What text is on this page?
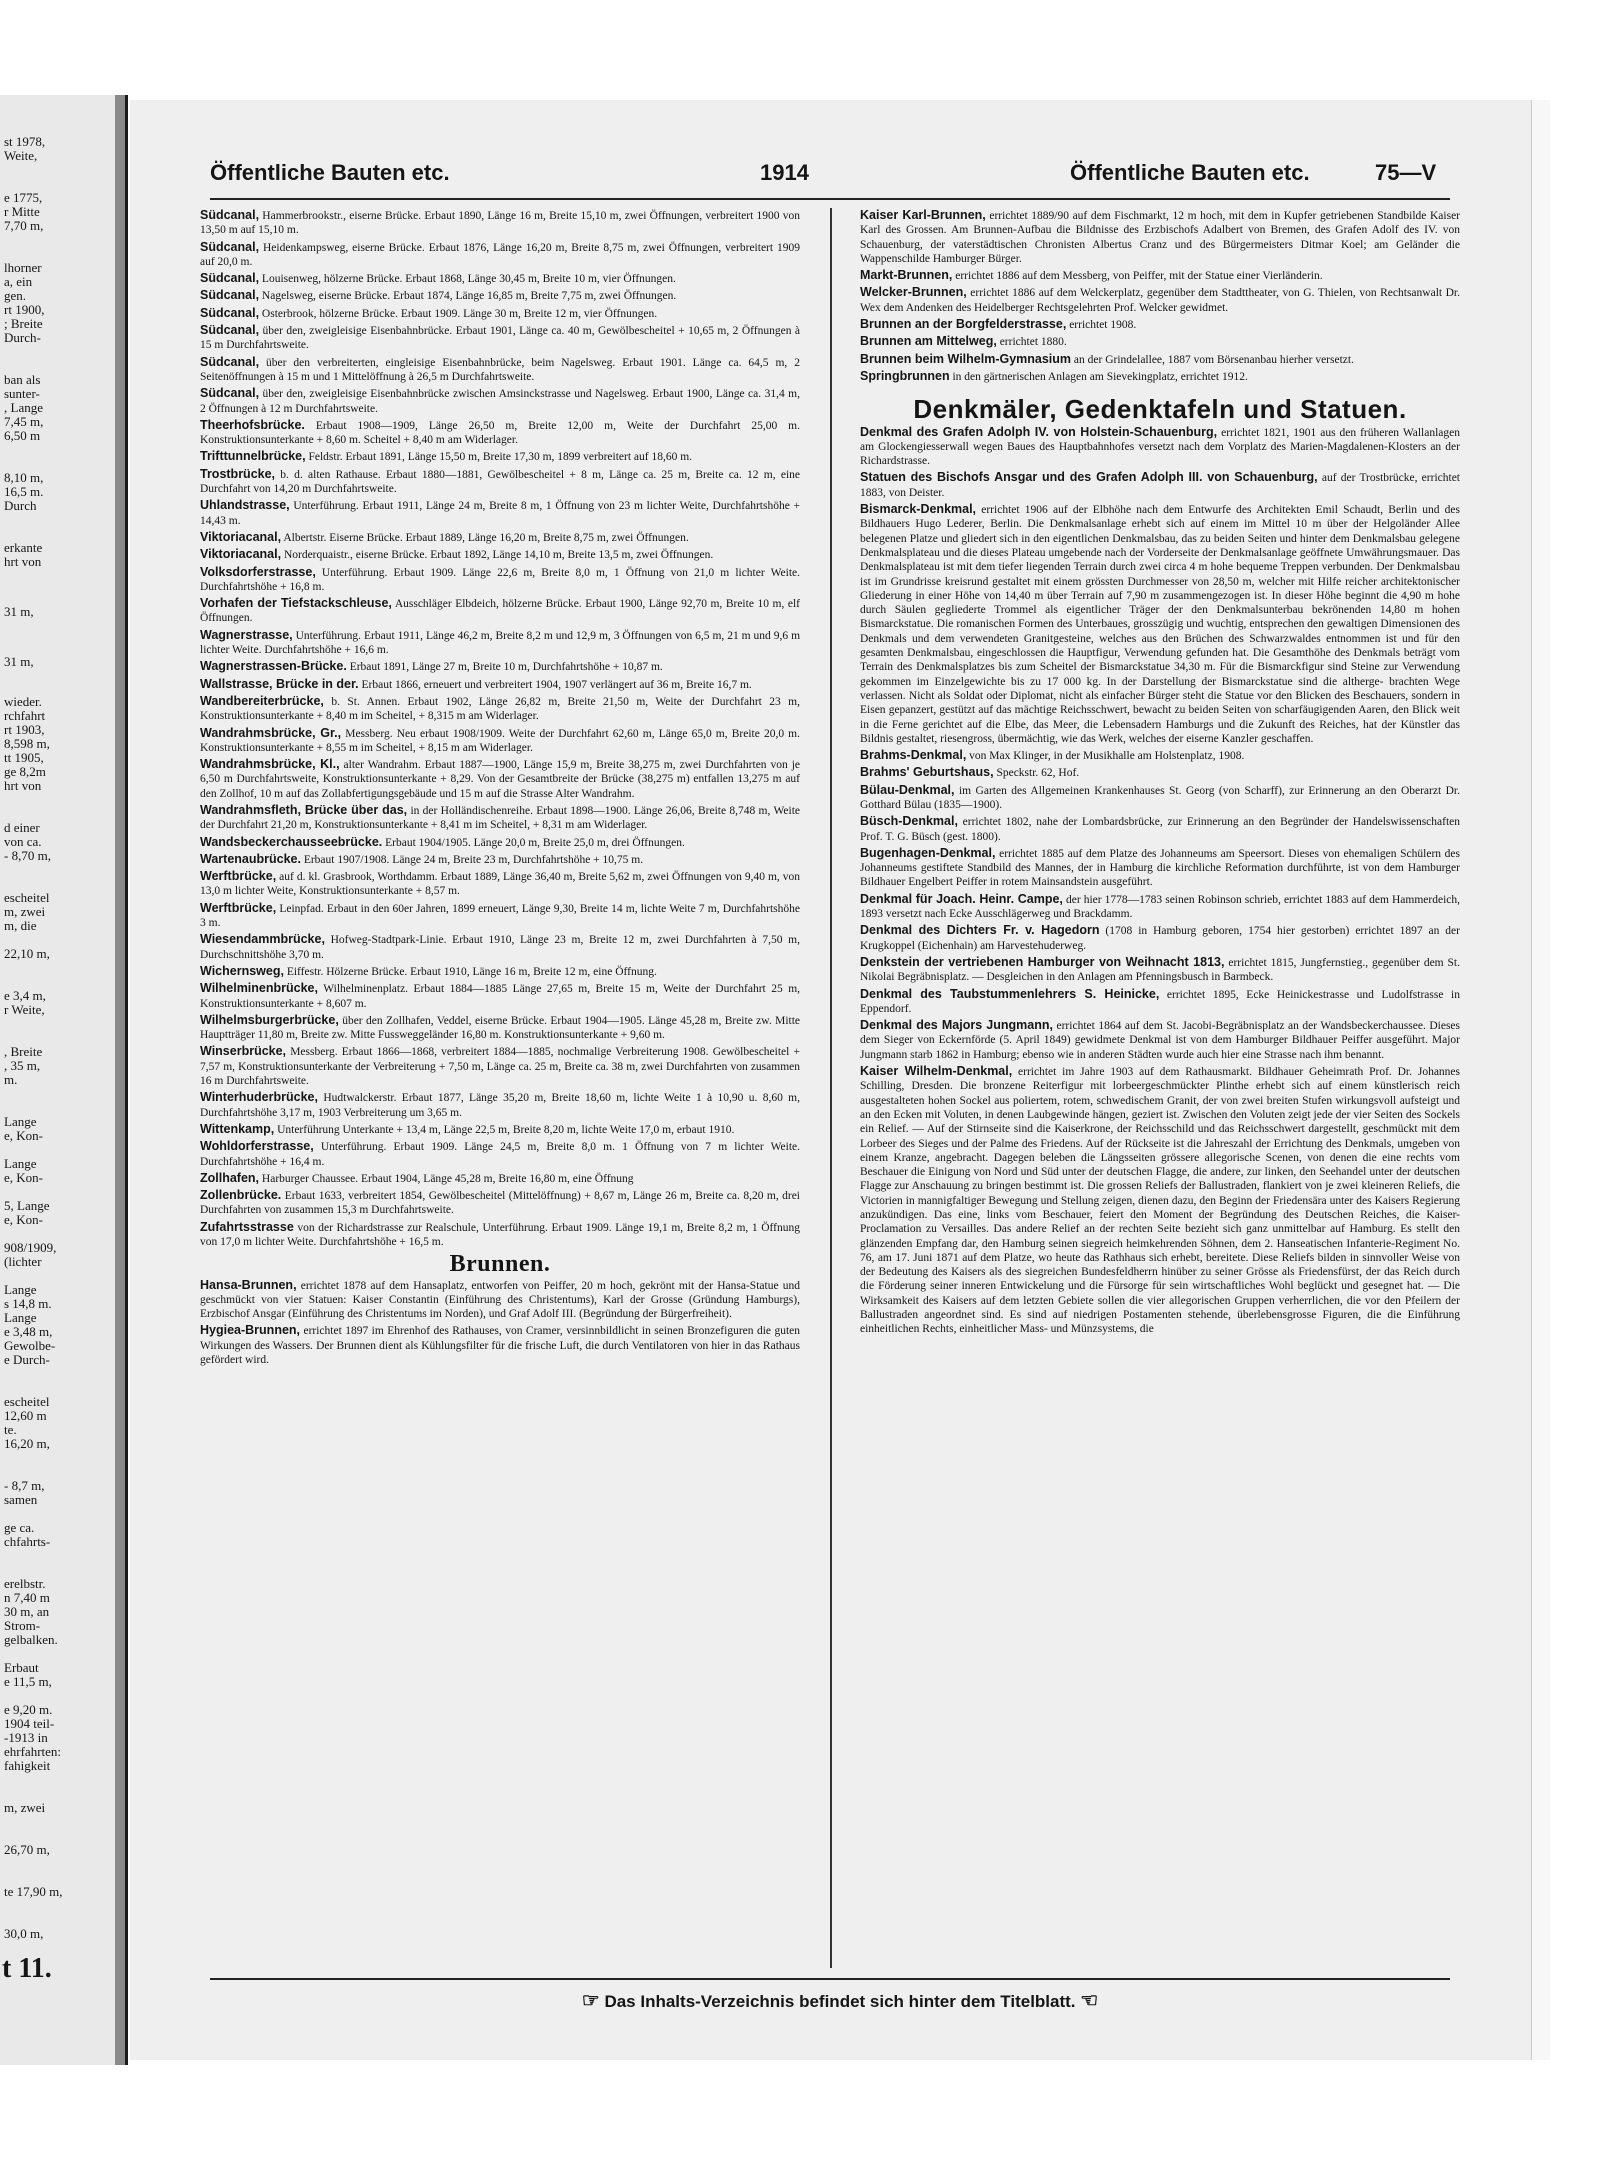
st 1978,
Weite,
e 1775,
r Mitte
7,70 m,
lhorner
a, ein
gen.
rt 1900,
; Breite
Durch-
ban als
sunter-
, Lange
7,45 m,
6,50 m
8,10 m,
16,5 m.
Durch
erkante
hrt von
31 m,
31 m,
wieder.
rchfahrt
rt 1903,
8,598 m,
tt 1905,
ge 8,2m
hrt von
d einer
von ca.
- 8,70 m,
escheitel
m, zwei
m, die
22,10 m,
e 3,4 m,
r Weite,
, Breite
, 35 m,
m.
Lange
e, Kon-
Lange
e, Kon-
5, Lange
e, Kon-
908/1909,
(lichter
Lange
s 14,8 m.
Lange
e 3,48 m,
Gewolbe-
e Durch-
escheitel
12,60 m
te.
16,20 m,
- 8,7 m,
samen
ge ca.
chfahrts-
erelbstr.
n 7,40 m
30 m, an
Strom-
gelbalken.
Erbaut
e 11,5 m,
e 9,20 m.
1904 teil-
-1913 in
ehrfahrten:
fahigkeit
m, zwei
26,70 m,
te 17,90 m,
30,0 m,
t 11.
Öffentliche Bauten etc.	1914	Öffentliche Bauten etc.	75—V
Südcanal, Hammerbrookstr., eiserne Brücke. Erbaut 1890, Länge 16 m, Breite 15,10 m, zwei Öffnungen, verbreitert 1900 von 13,50 m auf 15,10 m.
Südcanal, Heidenkampsweg, eiserne Brücke. Erbaut 1876, Länge 16,20 m, Breite 8,75 m, zwei Öffnungen, verbreitert 1909 auf 20,0 m.
Südcanal, Louisenweg, hölzerne Brücke. Erbaut 1868, Länge 30,45 m, Breite 10 m, vier Öffnungen.
Südcanal, Nagelsweg, eiserne Brücke. Erbaut 1874, Länge 16,85 m, Breite 7,75 m, zwei Öffnungen.
Südcanal, Osterbrook, hölzerne Brücke. Erbaut 1909. Länge 30 m, Breite 12 m, vier Öffnungen.
Südcanal, über den, zweigleisige Eisenbahnbrücke. Erbaut 1901, Länge ca. 40 m, Gewölbescheitel + 10,65 m, 2 Öffnungen à 15 m Durchfahrtsweite.
Südcanal, über den verbreiterten, eingleisige Eisenbahnbrücke, beim Nagelsweg. Erbaut 1901. Länge ca. 64,5 m, 2 Seitenöffnungen à 15 m und 1 Mittelöffnung à 26,5 m Durchfahrtsweite.
Südcanal, über den, zweigleisige Eisenbahnbrücke zwischen Amsinckstrasse und Nagelsweg. Erbaut 1900, Länge ca. 31,4 m, 2 Öffnungen à 12 m Durchfahrtsweite.
Theerhofsbrücke. Erbaut 1908—1909, Länge 26,50 m, Breite 12,00 m, Weite der Durchfahrt 25,00 m. Konstruktionsunterkante + 8,60 m. Scheitel + 8,40 m am Widerlager.
Trifttunnelbrücke, Feldstr. Erbaut 1891, Länge 15,50 m, Breite 17,30 m, 1899 verbreitert auf 18,60 m.
Trostbrücke, b. d. alten Rathause. Erbaut 1880—1881, Gewölbescheitel + 8 m, Länge ca. 25 m, Breite ca. 12 m, eine Durchfahrt von 14,20 m Durchfahrtsweite.
Uhlandstrasse, Unterführung. Erbaut 1911, Länge 24 m, Breite 8 m, 1 Öffnung von 23 m lichter Weite, Durchfahrtshöhe + 14,43 m.
Viktoriacanal, Albertstr. Eiserne Brücke. Erbaut 1889, Länge 16,20 m, Breite 8,75 m, zwei Öffnungen.
Viktoriacanal, Norderquaistr., eiserne Brücke. Erbaut 1892, Länge 14,10 m, Breite 13,5 m, zwei Öffnungen.
Volksdorferstrasse, Unterführung. Erbaut 1909. Länge 22,6 m, Breite 8,0 m, 1 Öffnung von 21,0 m lichter Weite. Durchfahrtshöhe + 16,8 m.
Vorhafen der Tiefstackschleuse, Ausschläger Elbdeich, hölzerne Brücke. Erbaut 1900, Länge 92,70 m, Breite 10 m, elf Öffnungen.
Wagnerstrasse, Unterführung. Erbaut 1911, Länge 46,2 m, Breite 8,2 m und 12,9 m, 3 Öffnungen von 6,5 m, 21 m und 9,6 m lichter Weite. Durchfahrtshöhe + 16,6 m.
Wagnerstrassen-Brücke. Erbaut 1891, Länge 27 m, Breite 10 m, Durchfahrtshöhe + 10,87 m.
Wallstrasse, Brücke in der. Erbaut 1866, erneuert und verbreitert 1904, 1907 verlängert auf 36 m, Breite 16,7 m.
Wandbereiterbrücke, b. St. Annen. Erbaut 1902, Länge 26,82 m, Breite 21,50 m, Weite der Durchfahrt 23 m, Konstruktionsunterkante + 8,40 m im Scheitel, + 8,315 m am Widerlager.
Wandrahmsbrücke, Gr., Messberg. Neu erbaut 1908/1909. Weite der Durchfahrt 62,60 m, Länge 65,0 m, Breite 20,0 m. Konstruktionsunterkante + 8,55 m im Scheitel, + 8,15 m am Widerlager.
Wandrahmsbrücke, Kl., alter Wandrahm. Erbaut 1887—1900, Länge 15,9 m, Breite 38,275 m, zwei Durchfahrten von je 6,50 m Durchfahrtsweite, Konstruktionsunterkante + 8,29. Von der Gesamtbreite der Brücke (38,275 m) entfallen 13,275 m auf den Zollhof, 10 m auf das Zollabfertigungsgebäude und 15 m auf die Strasse Alter Wandrahm.
Wandrahmsfleth, Brücke über das, in der Holländischenreihe. Erbaut 1898—1900. Länge 26,06, Breite 8,748 m, Weite der Durchfahrt 21,20 m, Konstruktionsunterkante + 8,41 m im Scheitel, + 8,31 m am Widerlager.
Wandsbeckerchausseebrücke. Erbaut 1904/1905. Länge 20,0 m, Breite 25,0 m, drei Öffnungen.
Wartenaubrücke. Erbaut 1907/1908. Länge 24 m, Breite 23 m, Durchfahrtshöhe + 10,75 m.
Werftbrücke, auf d. kl. Grasbrook, Worthdamm. Erbaut 1889, Länge 36,40 m, Breite 5,62 m, zwei Öffnungen von 9,40 m, von 13,0 m lichter Weite, Konstruktionsunterkante + 8,57 m.
Werftbrücke, Leinpfad. Erbaut in den 60er Jahren, 1899 erneuert, Länge 9,30, Breite 14 m, lichte Weite 7 m, Durchfahrtshöhe 3 m.
Wiesendammbrücke, Hofweg-Stadtpark-Linie. Erbaut 1910, Länge 23 m, Breite 12 m, zwei Durchfahrten à 7,50 m, Durchschnittshöhe 3,70 m.
Wichernsweg, Eiffestr. Hölzerne Brücke. Erbaut 1910, Länge 16 m, Breite 12 m, eine Öffnung.
Wilhelminenbrücke, Wilhelminenplatz. Erbaut 1884—1885 Länge 27,65 m, Breite 15 m, Weite der Durchfahrt 25 m, Konstruktionsunterkante + 8,607 m.
Wilhelmsburgerbrücke, über den Zollhafen, Veddel, eiserne Brücke. Erbaut 1904—1905. Länge 45,28 m, Breite zw. Mitte Hauptträger 11,80 m, Breite zw. Mitte Fussweggeländer 16,80 m. Konstruktionsunterkante + 9,60 m.
Winserbrücke, Messberg. Erbaut 1866—1868, verbreitert 1884—1885, nochmalige Verbreiterung 1908. Gewölbescheitel + 7,57 m, Konstruktionsunterkante der Verbreiterung + 7,50 m, Länge ca. 25 m, Breite ca. 38 m, zwei Durchfahrten von zusammen 16 m Durchfahrtsweite.
Winterhuderbrücke, Hudtwalckerstr. Erbaut 1877, Länge 35,20 m, Breite 18,60 m, lichte Weite 1 à 10,90 u. 8,60 m, Durchfahrtshöhe 3,17 m, 1903 Verbreiterung um 3,65 m.
Wittenkamp, Unterführung Unterkante + 13,4 m, Länge 22,5 m, Breite 8,20 m, lichte Weite 17,0 m, erbaut 1910.
Wohldorferstrasse, Unterführung. Erbaut 1909. Länge 24,5 m, Breite 8,0 m. 1 Öffnung von 7 m lichter Weite. Durchfahrtshöhe + 16,4 m.
Zollhafen, Harburger Chaussee. Erbaut 1904, Länge 45,28 m, Breite 16,80 m, eine Öffnung
Zollenbrücke. Erbaut 1633, verbreitert 1854, Gewölbescheitel (Mittelöffnung) + 8,67 m, Länge 26 m, Breite ca. 8,20 m, drei Durchfahrten von zusammen 15,3 m Durchfahrtsweite.
Zufahrtsstrasse von der Richardstrasse zur Realschule, Unterführung. Erbaut 1909. Länge 19,1 m, Breite 8,2 m, 1 Öffnung von 17,0 m lichter Weite. Durchfahrtshöhe + 16,5 m.
Brunnen.
Hansa-Brunnen, errichtet 1878 auf dem Hansaplatz, entworfen von Peiffer, 20 m hoch, gekrönt mit der Hansa-Statue und geschmückt von vier Statuen: Kaiser Constantin (Einführung des Christentums), Karl der Grosse (Gründung Hamburgs), Erzbischof Ansgar (Einführung des Christentums im Norden), und Graf Adolf III. (Begründung der Bürgerfreiheit).
Hygiea-Brunnen, errichtet 1897 im Ehrenhof des Rathauses, von Cramer, versinnbildlicht in seinen Bronzefiguren die guten Wirkungen des Wassers. Der Brunnen dient als Kühlungsfilter für die frische Luft, die durch Ventilatoren von hier in das Rathaus gefördert wird.
Kaiser Karl-Brunnen, errichtet 1889/90 auf dem Fischmarkt, 12 m hoch, mit dem in Kupfer getriebenen Standbilde Kaiser Karl des Grossen. Am Brunnen-Aufbau die Bildnisse des Erzbischofs Adalbert von Bremen, des Grafen Adolf des IV. von Schauenburg, der vaterstädtischen Chronisten Albertus Cranz und des Bürgermeisters Ditmar Koel; am Geländer die Wappenschilde Hamburger Bürger.
Markt-Brunnen, errichtet 1886 auf dem Messberg, von Peiffer, mit der Statue einer Vierländerin.
Welcker-Brunnen, errichtet 1886 auf dem Welckerplatz, gegenüber dem Stadttheater, von G. Thielen, von Rechtsanwalt Dr. Wex dem Andenken des Heidelberger Rechtsgelehrten Prof. Welcker gewidmet.
Brunnen an der Borgfelderstrasse, errichtet 1908.
Brunnen am Mittelweg, errichtet 1880.
Brunnen beim Wilhelm-Gymnasium an der Grindelallee, 1887 vom Börsenanbau hierher versetzt.
Springbrunnen in den gärtnerischen Anlagen am Sievekingplatz, errichtet 1912.
Denkmäler, Gedenktafeln und Statuen.
Denkmal des Grafen Adolph IV. von Holstein-Schauenburg, errichtet 1821, 1901 aus den früheren Wallanlagen am Glockengiesserwall wegen Baues des Hauptbahnhofes versetzt nach dem Vorplatz des Marien-Magdalenen-Klosters an der Richardstrasse.
Statuen des Bischofs Ansgar und des Grafen Adolph III. von Schauenburg, auf der Trostbrücke, errichtet 1883, von Deister.
Bismarck-Denkmal, errichtet 1906 auf der Elbhöhe nach dem Entwurfe des Architekten Emil Schaudt, Berlin und des Bildhauers Hugo Lederer, Berlin. Die Denkmalsanlage erhebt sich auf einem im Mittel 10 m über der Helgoländer Allee belegenen Platze und gliedert sich in den eigentlichen Denkmalsbau, das zu beiden Seiten und hinter dem Denkmalsbau gelegene Denkmalsplateau und die dieses Plateau umgebende nach der Vorderseite der Denkmalsanlage geöffnete Umwährungsmauer. Das Denkmalsplateau ist mit dem tiefer liegenden Terrain durch zwei circa 4 m hohe bequeme Treppen verbunden. Der Denkmalsbau ist im Grundrisse kreisrund gestaltet mit einem grössten Durchmesser von 28,50 m, welcher mit Hilfe reicher architektonischer Gliederung in einer Höhe von 14,40 m über Terrain auf 7,90 m zusammengezogen ist. In dieser Höhe beginnt die 4,90 m hohe durch Säulen gegliederte Trommel als eigentlicher Träger der den Denkmalsunterbau bekrönenden 14,80 m hohen Bismarckstatue. Die romanischen Formen des Unterbaues, grosszügig und wuchtig, entsprechen den gewaltigen Dimensionen des Denkmals und dem verwendeten Granitgesteine, welches aus den Brüchen des Schwarzwaldes entnommen ist und für den gesamten Denkmalsbau, eingeschlossen die Hauptfigur, Verwendung gefunden hat. Die Gesamthöhe des Denkmals beträgt vom Terrain des Denkmalsplatzes bis zum Scheitel der Bismarckstatue 34,30 m. Für die Bismarckfigur sind Steine zur Verwendung gekommen im Einzelgewichte bis zu 17 000 kg. In der Darstellung der Bismarckstatue sind die altherge- brachten Wege verlassen. Nicht als Soldat oder Diplomat, nicht als einfacher Bürger steht die Statue vor den Blicken des Beschauers, sondern in Eisen gepanzert, gestützt auf das mächtige Reichsschwert, bewacht zu beiden Seiten von scharfäugigenden Aaren, den Blick weit in die Ferne gerichtet auf die Elbe, das Meer, die Lebensadern Hamburgs und die Zukunft des Reiches, hat der Künstler das Bildnis gestaltet, riesengross, übermächtig, wie das Werk, welches der eiserne Kanzler geschaffen.
Brahms-Denkmal, von Max Klinger, in der Musikhalle am Holstenplatz, 1908.
Brahms' Geburtshaus, Speckstr. 62, Hof.
Bülau-Denkmal, im Garten des Allgemeinen Krankenhauses St. Georg (von Scharff), zur Erinnerung an den Oberarzt Dr. Gotthard Bülau (1835—1900).
Büsch-Denkmal, errichtet 1802, nahe der Lombardsbrücke, zur Erinnerung an den Begründer der Handelswissenschaften Prof. T. G. Büsch (gest. 1800).
Bugenhagen-Denkmal, errichtet 1885 auf dem Platze des Johanneums am Speersort. Dieses von ehemaligen Schülern des Johanneums gestiftete Standbild des Mannes, der in Hamburg die kirchliche Reformation durchführte, ist von dem Hamburger Bildhauer Engelbert Peiffer in rotem Mainsandstein ausgeführt.
Denkmal für Joach. Heinr. Campe, der hier 1778—1783 seinen Robinson schrieb, errichtet 1883 auf dem Hammerdeich, 1893 versetzt nach Ecke Ausschlägerweg und Brackdamm.
Denkmal des Dichters Fr. v. Hagedorn (1708 in Hamburg geboren, 1754 hier gestorben) errichtet 1897 an der Krugkoppel (Eichenhain) am Harvestehuderweg.
Denkstein der vertriebenen Hamburger von Weihnacht 1813, errichtet 1815, Jungfernstieg., gegenüber dem St. Nikolai Begräbnisplatz. — Desgleichen in den Anlagen am Pfenningsbusch in Barmbeck.
Denkmal des Taubstummenlehrers S. Heinicke, errichtet 1895, Ecke Heinickestrasse und Ludolfstrasse in Eppendorf.
Denkmal des Majors Jungmann, errichtet 1864 auf dem St. Jacobi-Begräbnisplatz an der Wandsbeckerchaussee. Dieses dem Sieger von Eckernförde (5. April 1849) gewidmete Denkmal ist von dem Hamburger Bildhauer Peiffer ausgeführt. Major Jungmann starb 1862 in Hamburg; ebenso wie in anderen Städten wurde auch hier eine Strasse nach ihm benannt.
Kaiser Wilhelm-Denkmal, errichtet im Jahre 1903 auf dem Rathausmarkt. Bildhauer Geheimrath Prof. Dr. Johannes Schilling, Dresden. Die bronzene Reiterfigur mit lorbeergeschmückter Plinthe erhebt sich auf einem künstlerisch reich ausgestalteten hohen Sockel aus poliertem, rotem, schwedischem Granit, der von zwei breiten Stufen wirkungsvoll aufsteigt und an den Ecken mit Voluten, in denen Laubgewinde hängen, geziert ist. Zwischen den Voluten zeigt jede der vier Seiten des Sockels ein Relief. — Auf der Stirnseite sind die Kaiserkrone, der Reichsschild und das Reichsschwert dargestellt, geschmückt mit dem Lorbeer des Sieges und der Palme des Friedens. Auf der Rückseite ist die Jahreszahl der Errichtung des Denkmals, umgeben von einem Kranze, angebracht. Dagegen beleben die Längsseiten grössere allegorische Scenen, von denen die eine rechts vom Beschauer die Einigung von Nord und Süd unter der deutschen Flagge, die andere, zur linken, den Seehandel unter der deutschen Flagge zur Anschauung zu bringen bestimmt ist. Die grossen Reliefs der Ballustraden, flankiert von je zwei kleineren Reliefs, die Victorien in mannigfaltiger Bewegung und Stellung zeigen, dienen dazu, den Beginn der Friedensära unter des Kaisers Regierung anzukündigen. Das eine, links vom Beschauer, feiert den Moment der Begründung des Deutschen Reiches, die Kaiser-Proclamation zu Versailles. Das andere Relief an der rechten Seite bezieht sich ganz unmittelbar auf Hamburg. Es stellt den glänzenden Empfang dar, den Hamburg seinen siegreich heimkehrenden Söhnen, dem 2. Hanseatischen Infanterie-Regiment No. 76, am 17. Juni 1871 auf dem Platze, wo heute das Rathhaus sich erhebt, bereitete. Diese Reliefs bilden in sinnvoller Weise von der Bedeutung des Kaisers als des siegreichen Bundesfeldherrn hinüber zu seiner Grösse als Friedensfürst, der das Reich durch die Förderung seiner inneren Entwickelung und die Fürsorge für sein wirtschaftliches Wohl beglückt und gesegnet hat. — Die Wirksamkeit des Kaisers auf dem letzten Gebiete sollen die vier allegorischen Gruppen verherrlichen, die vor den Pfeilern der Ballustraden angeordnet sind. Es sind auf niedrigen Postamenten stehende, überlebensgrosse Figuren, die die Einführung einheitlichen Rechts, einheitlicher Mass- und Münzsystems, die
☞ Das Inhalts-Verzeichnis befindet sich hinter dem Titelblatt. ☜
